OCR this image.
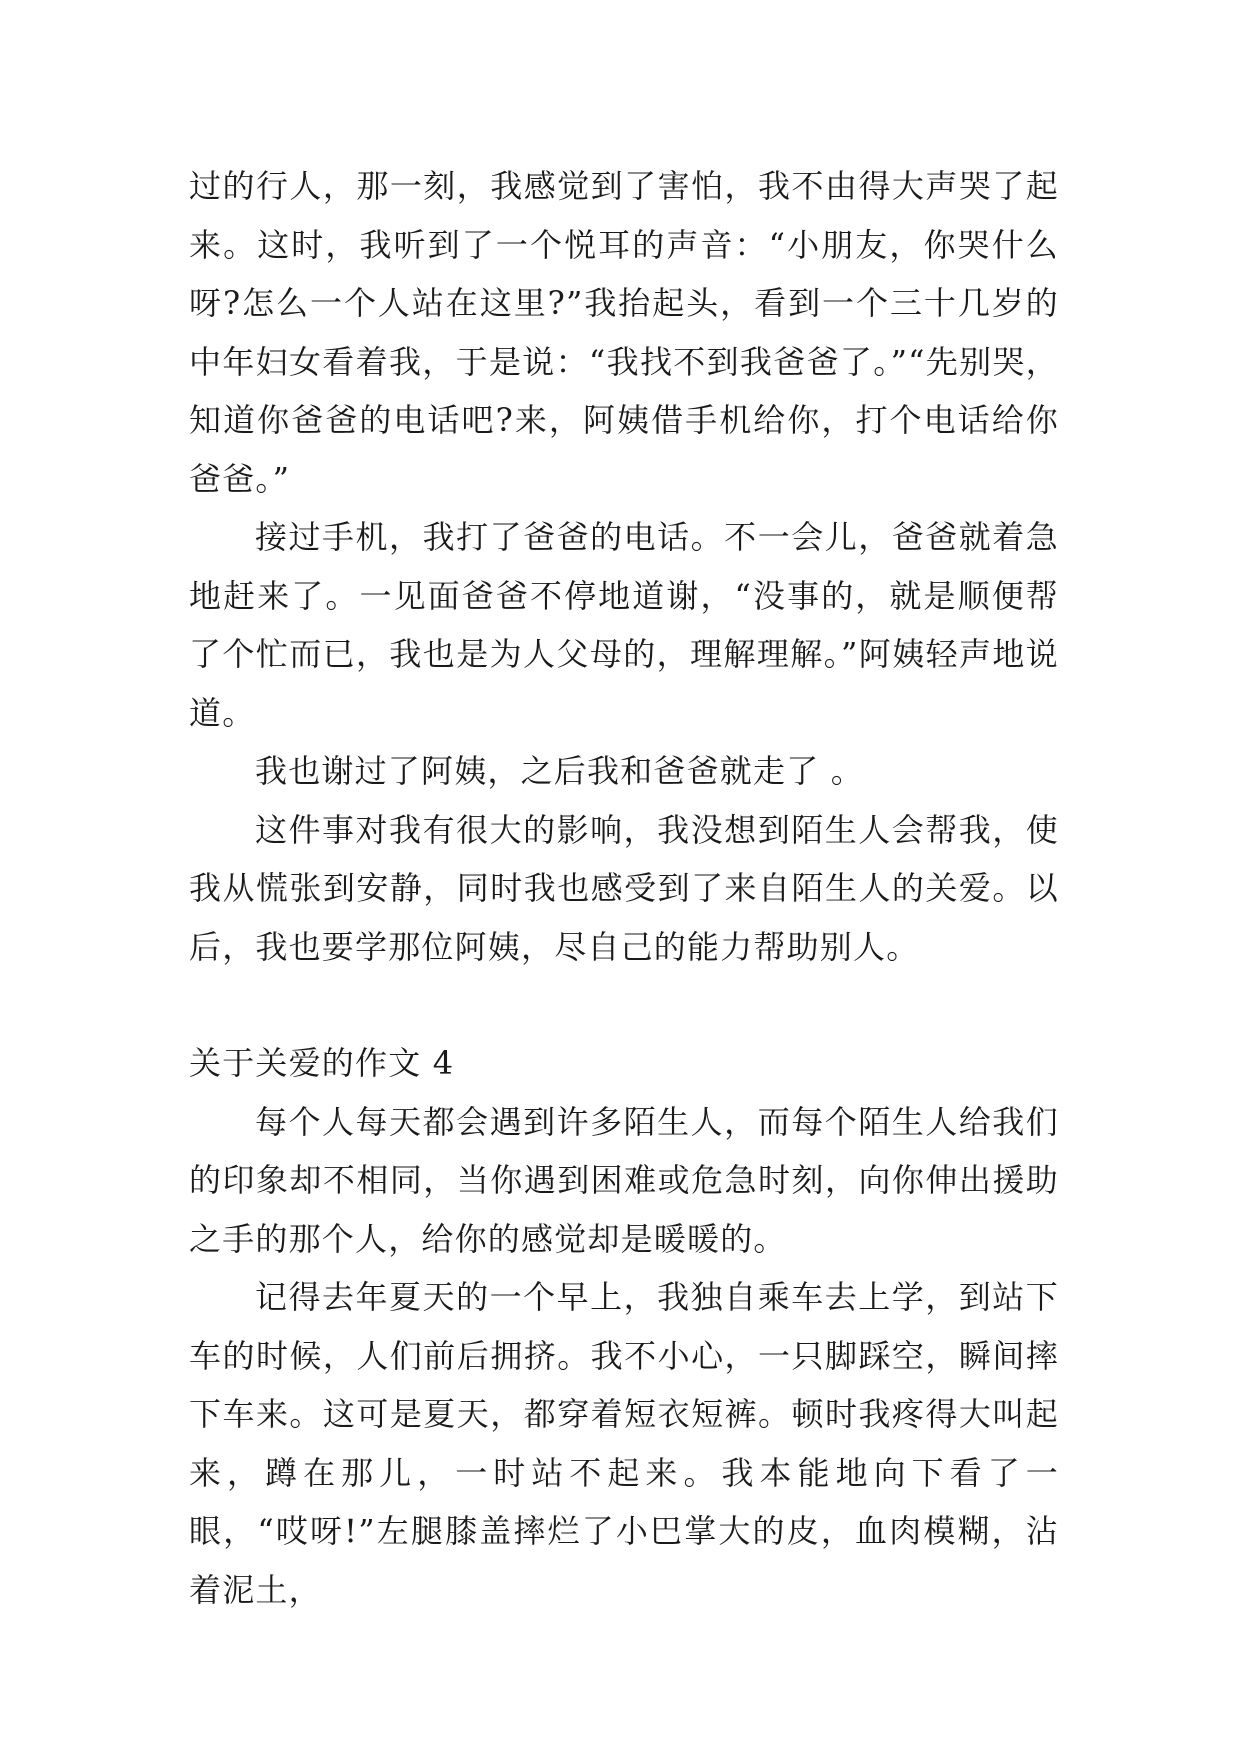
过的行人，那一刻，我感觉到了害怕，我不由得大声哭了起来。这时，我听到了一个悦耳的声音：“小朋友，你哭什么呀?怎么一个人站在这里?”我抬起头，看到一个三十几岁的中年妇女看着我，于是说：“我找不到我爸爸了。”“先别哭，知道你爸爸的电话吧?来，阿姨借手机给你，打个电话给你爸爸。”

接过手机，我打了爸爸的电话。不一会儿，爸爸就着急地赶来了。一见面爸爸不停地道谢，“没事的，就是顺便帮了个忙而已，我也是为人父母的，理解理解。”阿姨轻声地说道。

我也谢过了阿姨，之后我和爸爸就走了 。

这件事对我有很大的影响，我没想到陌生人会帮我，使我从慌张到安静，同时我也感受到了来自陌生人的关爱。以后，我也要学那位阿姨，尽自己的能力帮助别人。

关于关爱的作文 4

每个人每天都会遇到许多陌生人，而每个陌生人给我们的印象却不相同，当你遇到困难或危急时刻，向你伸出援助之手的那个人，给你的感觉却是暖暖的。

记得去年夏天的一个早上，我独自乘车去上学，到站下车的时候，人们前后拥挤。我不小心，一只脚踩空，瞬间摔下车来。这可是夏天，都穿着短衣短裤。顿时我疼得大叫起来，蹲在那儿，一时站不起来。我本能地向下看了一眼，“哎呀!”左腿膝盖摔烂了小巴掌大的皮，血肉模糊，沾着泥土，
